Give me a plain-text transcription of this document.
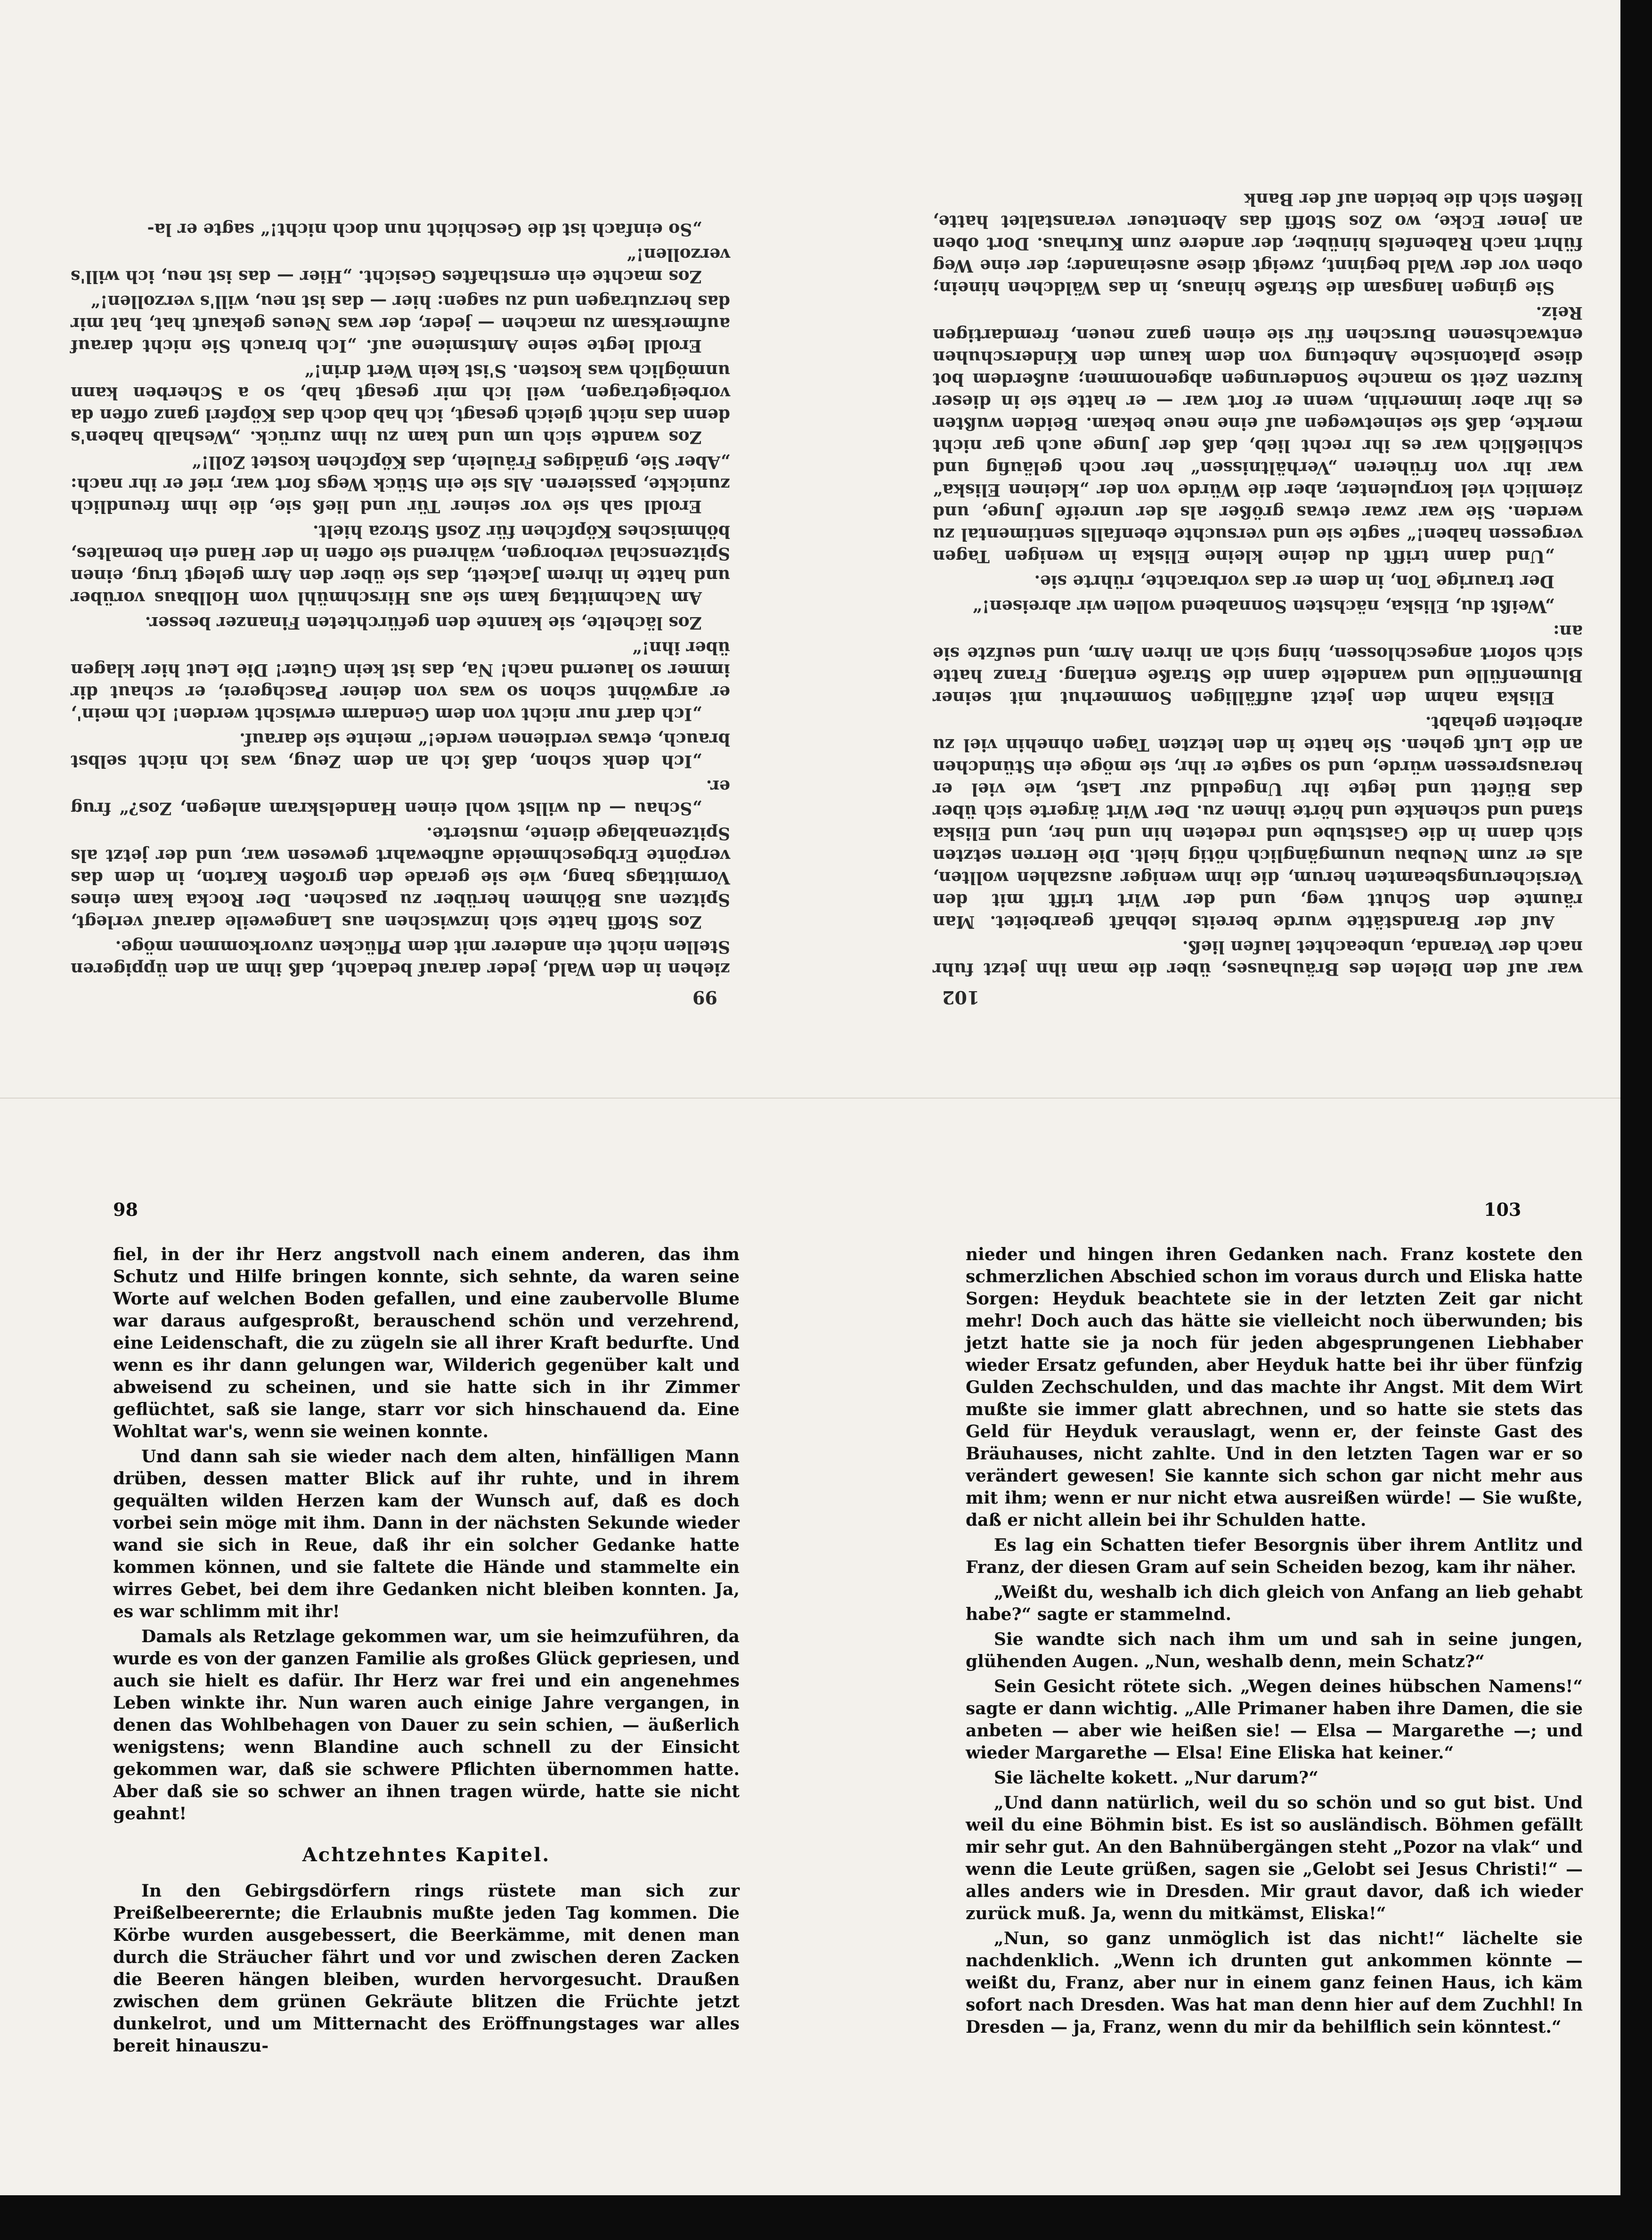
ziehen in den Wald, jeder darauf bedacht, daß ihm an den üppigeren Stellen nicht ein anderer mit dem Pflücken zuvorkommen möge.

Zos Stoffi hatte sich inzwischen aus Langeweile darauf verlegt, Spitzen aus Böhmen herüber zu paschen. Der Rocka kam eines Vormittags bang, wie sie gerade den großen Karton, in dem das verpönte Erbgeschmeide aufbewahrt gewesen war, und der jetzt als Spitzenablage diente, musterte.

„Schau — du willst wohl einen Handelskram anlegen, Zos?“ frug er.

„Ich denk schon, daß ich an dem Zeug, was ich nicht selbst brauch, etwas verdienen werde!“ meinte sie darauf.

„Ich darf nur nicht von dem Gendarm erwischt werden! Ich mein', er argwöhnt schon so was von deiner Paschgerei, er schaut dir immer so lauernd nach! Na, das ist kein Guter! Die Leut hier klagen über ihn!“

Zos lächelte, sie kannte den gefürchteten Finanzer besser.

Am Nachmittag kam sie aus Hirschmühl vom Hollbaus vorüber und hatte in ihrem Jackett, das sie über den Arm gelegt trug, einen Spitzenschal verborgen, während sie offen in der Hand ein bemaltes, böhmisches Köpfchen für Zosfi Stroza hielt.

Eroldl sah sie vor seiner Tür und ließ sie, die ihm freundlich zunickte, passieren. Als sie ein Stück Wegs fort war, rief er ihr nach: „Aber Sie, gnädiges Fräulein, das Köpfchen kostet Zoll!“

Zos wandte sich um und kam zu ihm zurück. „Weshalb haben's denn das nicht gleich gesagt, ich hab doch das Köpferl ganz offen da vorbeigetragen, weil ich mir gesagt hab, so a Scherben kann unmöglich was kosten. S'ist kein Wert drin!“

Eroldl legte seine Amtsmiene auf. „Ich brauch Sie nicht darauf aufmerksam zu machen — jeder, der was Neues gekauft hat, hat mir das herzutragen und zu sagen: hier — das ist neu, will's verzollen!“

Zos machte ein ernsthaftes Gesicht. „Hier — das ist neu, ich will's verzollen!“

„So einfach ist die Geschicht nun doch nicht!“ sagte er la-

99

war auf den Dielen des Bräuhauses, über die man ihn jetzt fuhr nach der Veranda, unbeachtet laufen ließ.

Auf der Brandstätte wurde bereits lebhaft gearbeitet. Man räumte den Schutt weg, und der Wirt trifft mit den Versicherungsbeamten herum, die ihm weniger auszahlen wollten, als er zum Neubau unumgänglich nötig hielt. Die Herren setzten sich dann in die Gaststube und redeten hin und her, und Eliska stand und schenkte und hörte ihnen zu. Der Wirt ärgerte sich über das Büfett und legte ihr Ungeduld zur Last, wie viel er herauspressen würde, und so sagte er ihr, sie möge ein Stündchen an die Luft gehen. Sie hatte in den letzten Tagen ohnehin viel zu arbeiten gehabt.

Eliska nahm den jetzt auffälligen Sommerhut mit seiner Blumenfülle und wandelte dann die Straße entlang. Franz hatte sich sofort angeschlossen, hing sich an ihren Arm, und seufzte sie an:

„Weißt du, Eliska, nächsten Sonnabend wollen wir abreisen!“

Der traurige Ton, in dem er das vorbrachte, rührte sie.

„Und dann trifft du deine kleine Eliska in wenigen Tagen vergessen haben!“ sagte sie und versuchte ebenfalls sentimental zu werden. Sie war zwar etwas größer als der unreife Junge, und ziemlich viel korpulenter, aber die Würde von der „kleinen Eliska“ war ihr von früheren „Verhältnissen“ her noch geläufig und schließlich war es ihr recht lieb, daß der Junge auch gar nicht merkte, daß sie seinetwegen auf eine neue bekam. Beiden wußten es ihr aber immerhin, wenn er fort war — er hatte sie in dieser kurzen Zeit so manche Sonderungen abgenommen; außerdem bot diese platonische Anbetung von dem kaum den Kinderschuhen entwachsenen Burschen für sie einen ganz neuen, fremdartigen Reiz.

Sie gingen langsam die Straße hinaus, in das Wäldchen hinein; oben vor der Wald beginnt, zweigt diese auseinander; der eine Weg führt nach Rabenfels hinüber, der andere zum Kurhaus. Dort oben an jener Ecke, wo Zos Stoffi das Abenteuer veranstaltet hatte, ließen sich die beiden auf der Bank

102
98

fiel, in der ihr Herz angstvoll nach einem anderen, das ihm Schutz und Hilfe bringen konnte, sich sehnte, da waren seine Worte auf welchen Boden gefallen, und eine zaubervolle Blume war daraus aufgesproßt, berauschend schön und verzehrend, eine Leidenschaft, die zu zügeln sie all ihrer Kraft bedurfte. Und wenn es ihr dann gelungen war, Wilderich gegenüber kalt und abweisend zu scheinen, und sie hatte sich in ihr Zimmer geflüchtet, saß sie lange, starr vor sich hinschauend da. Eine Wohltat war's, wenn sie weinen konnte.

Und dann sah sie wieder nach dem alten, hinfälligen Mann drüben, dessen matter Blick auf ihr ruhte, und in ihrem gequälten wilden Herzen kam der Wunsch auf, daß es doch vorbei sein möge mit ihm. Dann in der nächsten Sekunde wieder wand sie sich in Reue, daß ihr ein solcher Gedanke hatte kommen können, und sie faltete die Hände und stammelte ein wirres Gebet, bei dem ihre Gedanken nicht bleiben konnten. Ja, es war schlimm mit ihr!

Damals als Retzlage gekommen war, um sie heimzuführen, da wurde es von der ganzen Familie als großes Glück gepriesen, und auch sie hielt es dafür. Ihr Herz war frei und ein angenehmes Leben winkte ihr. Nun waren auch einige Jahre vergangen, in denen das Wohlbehagen von Dauer zu sein schien, — äußerlich wenigstens; wenn Blandine auch schnell zu der Einsicht gekommen war, daß sie schwere Pflichten übernommen hatte. Aber daß sie so schwer an ihnen tragen würde, hatte sie nicht geahnt!

Achtzehntes Kapitel.

In den Gebirgsdörfern rings rüstete man sich zur Preißelbeerernte; die Erlaubnis mußte jeden Tag kommen. Die Körbe wurden ausgebessert, die Beerkämme, mit denen man durch die Sträucher fährt und vor und zwischen deren Zacken die Beeren hängen bleiben, wurden hervorgesucht. Draußen zwischen dem grünen Gekräute blitzen die Früchte jetzt dunkelrot, und um Mitternacht des Eröffnungstages war alles bereit hinauszu-

103

nieder und hingen ihren Gedanken nach. Franz kostete den schmerzlichen Abschied schon im voraus durch und Eliska hatte Sorgen: Heyduk beachtete sie in der letzten Zeit gar nicht mehr! Doch auch das hätte sie vielleicht noch überwunden; bis jetzt hatte sie ja noch für jeden abgesprungenen Liebhaber wieder Ersatz gefunden, aber Heyduk hatte bei ihr über fünfzig Gulden Zechschulden, und das machte ihr Angst. Mit dem Wirt mußte sie immer glatt abrechnen, und so hatte sie stets das Geld für Heyduk verauslagt, wenn er, der feinste Gast des Bräuhauses, nicht zahlte. Und in den letzten Tagen war er so verändert gewesen! Sie kannte sich schon gar nicht mehr aus mit ihm; wenn er nur nicht etwa ausreißen würde! — Sie wußte, daß er nicht allein bei ihr Schulden hatte.

Es lag ein Schatten tiefer Besorgnis über ihrem Antlitz und Franz, der diesen Gram auf sein Scheiden bezog, kam ihr näher.

„Weißt du, weshalb ich dich gleich von Anfang an lieb gehabt habe?“ sagte er stammelnd.

Sie wandte sich nach ihm um und sah in seine jungen, glühenden Augen. „Nun, weshalb denn, mein Schatz?“

Sein Gesicht rötete sich. „Wegen deines hübschen Namens!“ sagte er dann wichtig. „Alle Primaner haben ihre Damen, die sie anbeten — aber wie heißen sie! — Elsa — Margarethe —; und wieder Margarethe — Elsa! Eine Eliska hat keiner.“

Sie lächelte kokett. „Nur darum?“

„Und dann natürlich, weil du so schön und so gut bist. Und weil du eine Böhmin bist. Es ist so ausländisch. Böhmen gefällt mir sehr gut. An den Bahnübergängen steht „Pozor na vlak“ und wenn die Leute grüßen, sagen sie „Gelobt sei Jesus Christi!“ — alles anders wie in Dresden. Mir graut davor, daß ich wieder zurück muß. Ja, wenn du mitkämst, Eliska!“

„Nun, so ganz unmöglich ist das nicht!“ lächelte sie nachdenklich. „Wenn ich drunten gut ankommen könnte — weißt du, Franz, aber nur in einem ganz feinen Haus, ich käm sofort nach Dresden. Was hat man denn hier auf dem Zuchhl! In Dresden — ja, Franz, wenn du mir da behilflich sein könntest.“
